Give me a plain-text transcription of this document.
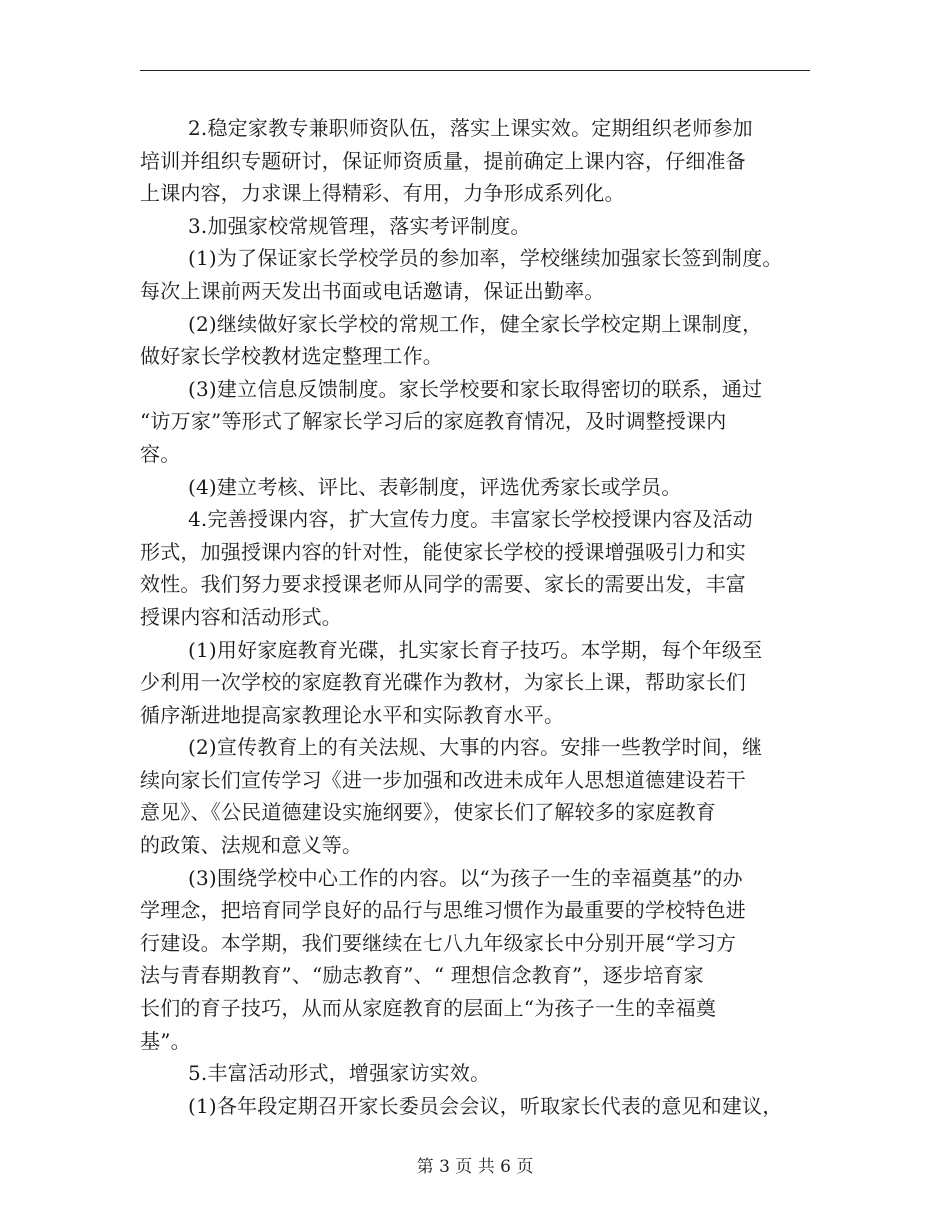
2.稳定家教专兼职师资队伍，落实上课实效。定期组织老师参加
培训并组织专题研讨，保证师资质量，提前确定上课内容，仔细准备
上课内容，力求课上得精彩、有用，力争形成系列化。
3.加强家校常规管理，落实考评制度。
(1)为了保证家长学校学员的参加率，学校继续加强家长签到制度。
每次上课前两天发出书面或电话邀请，保证出勤率。
(2)继续做好家长学校的常规工作，健全家长学校定期上课制度，
做好家长学校教材选定整理工作。
(3)建立信息反馈制度。家长学校要和家长取得密切的联系，通过
“访万家”等形式了解家长学习后的家庭教育情况，及时调整授课内
容。
(4)建立考核、评比、表彰制度，评选优秀家长或学员。
4.完善授课内容，扩大宣传力度。丰富家长学校授课内容及活动
形式，加强授课内容的针对性，能使家长学校的授课增强吸引力和实
效性。我们努力要求授课老师从同学的需要、家长的需要出发，丰富
授课内容和活动形式。
(1)用好家庭教育光碟，扎实家长育子技巧。本学期，每个年级至
少利用一次学校的家庭教育光碟作为教材，为家长上课，帮助家长们
循序渐进地提高家教理论水平和实际教育水平。
(2)宣传教育上的有关法规、大事的内容。安排一些教学时间，继
续向家长们宣传学习《进一步加强和改进未成年人思想道德建设若干
意见》、《公民道德建设实施纲要》，使家长们了解较多的家庭教育
的政策、法规和意义等。
(3)围绕学校中心工作的内容。以“为孩子一生的幸福奠基”的办
学理念，把培育同学良好的品行与思维习惯作为最重要的学校特色进
行建设。本学期，我们要继续在七八九年级家长中分别开展“学习方
法与青春期教育”、“励志教育”、“ 理想信念教育”，逐步培育家
长们的育子技巧，从而从家庭教育的层面上“为孩子一生的幸福奠
基”。
5.丰富活动形式，增强家访实效。
(1)各年段定期召开家长委员会会议，听取家长代表的意见和建议，
第 3 页 共 6 页
